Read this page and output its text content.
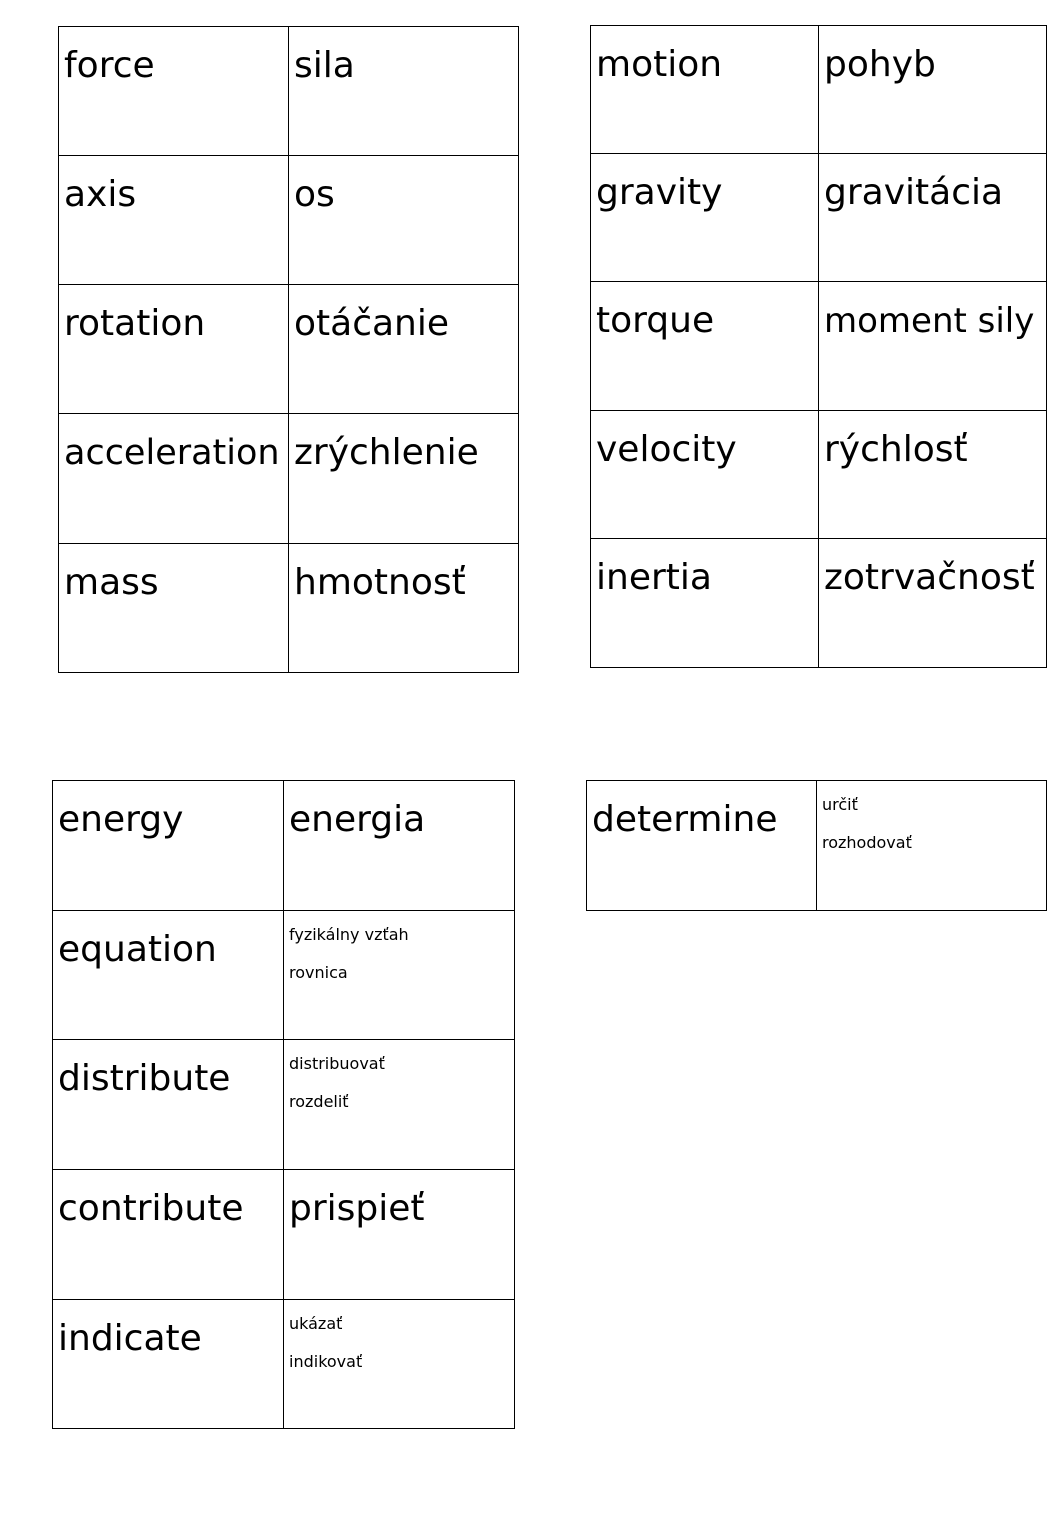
force	sila

axis	os

rotation	otáčanie

acceleration	zrýchlenie

mass	hmotnosť
motion	pohyb

gravity	gravitácia

torque	moment sily

velocity	rýchlosť

inertia	zotrvačnosť
energy	energia

equation	fyzikálny vzťah
rovnica

distribute	distribuovať
rozdeliť

contribute	prispieť

indicate	ukázať
indikovať
determine	určiť
rozhodovať
